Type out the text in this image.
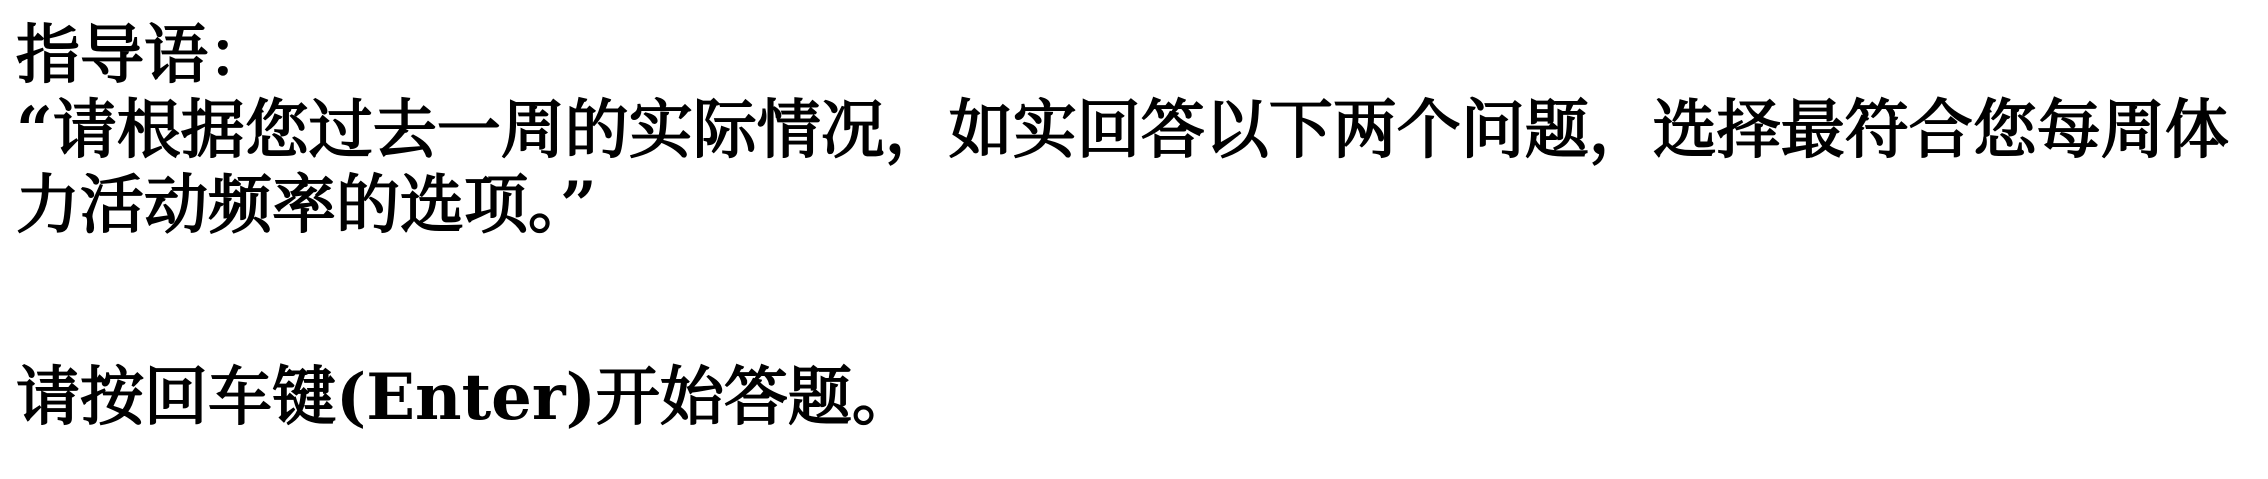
指导语：
“请根据您过去一周的实际情况，如实回答以下两个问题，选择最符合您每周体力活动频率的选项。”
请按回车键(Enter)开始答题。
